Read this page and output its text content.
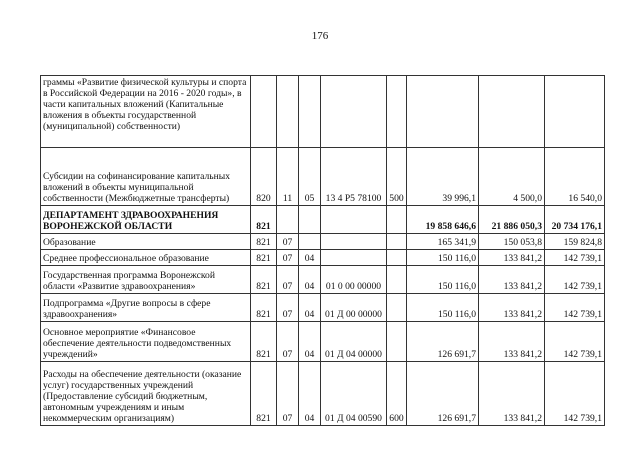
176
граммы «Развитие физической культуры и спорта в Российской Федерации на 2016 - 2020 годы», в части капитальных вложений (Капитальные вложения в объекты государственной (муниципальной) собственности)								
Субсидии на софинансирование капитальных вложений в объекты муниципальной собственности (Межбюджетные трансферты)	820	11	05	13 4 Р5 78100	500	39 996,1	4 500,0	16 540,0
ДЕПАРТАМЕНТ ЗДРАВООХРАНЕНИЯ ВОРОНЕЖСКОЙ ОБЛАСТИ	821					19 858 646,6	21 886 050,3	20 734 176,1
Образование	821	07				165 341,9	150 053,8	159 824,8
Среднее профессиональное образование	821	07	04			150 116,0	133 841,2	142 739,1
Государственная программа Воронежской области «Развитие здравоохранения»	821	07	04	01 0 00 00000		150 116,0	133 841,2	142 739,1
Подпрограмма «Другие вопросы в сфере здравоохранения»	821	07	04	01 Д 00 00000		150 116,0	133 841,2	142 739,1
Основное мероприятие «Финансовое обеспечение деятельности подведомственных учреждений»	821	07	04	01 Д 04 00000		126 691,7	133 841,2	142 739,1
Расходы на обеспечение деятельности (оказание услуг) государственных учреждений (Предоставление субсидий бюджетным, автономным учреждениям и иным некоммерческим организациям)	821	07	04	01 Д 04 00590	600	126 691,7	133 841,2	142 739,1
